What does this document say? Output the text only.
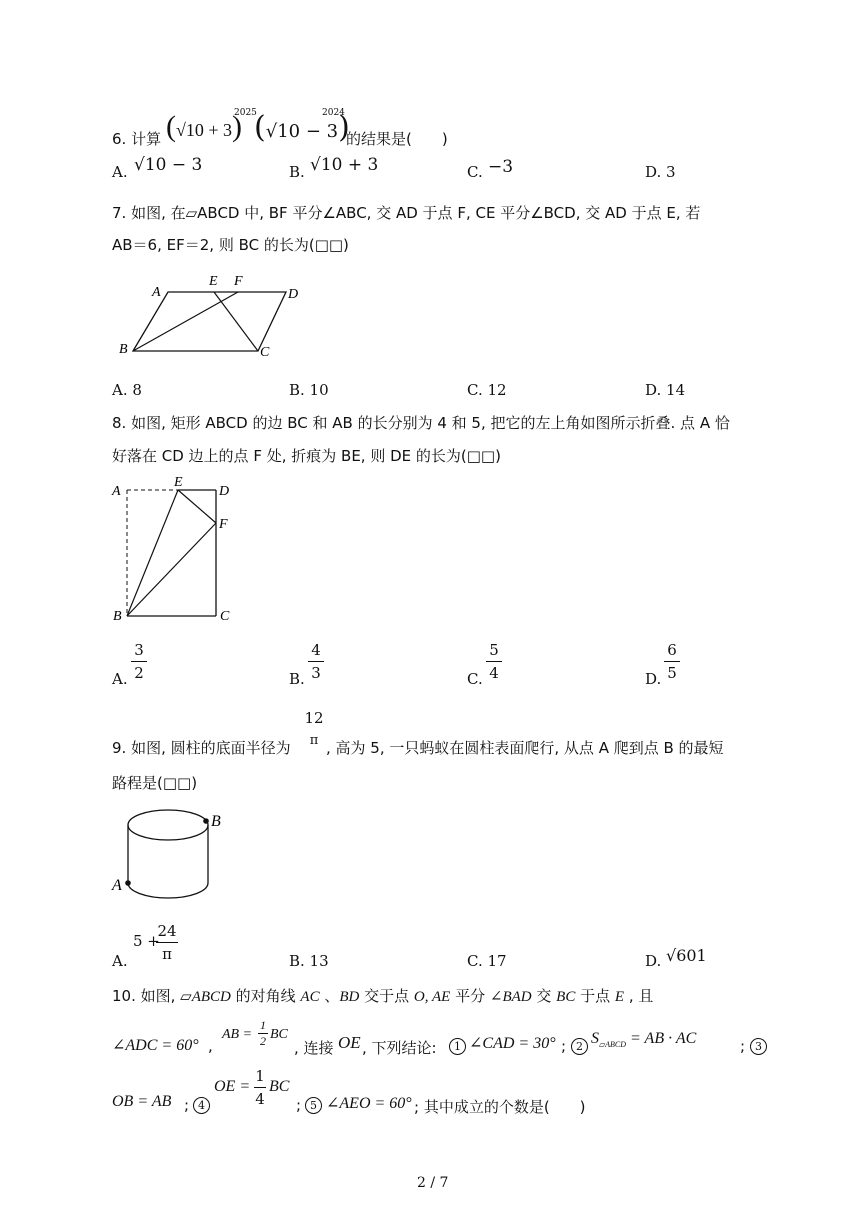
6. 计算 (√10 + 3)
2025
(√10 − 3)
2024
的结果是(　　)
A. √10 − 3	B. √10 + 3	C. −3	D. 3
7. 如图, 在▱ABCD 中, BF 平分∠ABC, 交 AD 于点 F, CE 平分∠BCD, 交 AD 于点 E, 若
AB＝6, EF＝2, 则 BC 的长为(□□)
A
E F
D
B	C
A. 8	B. 10	C. 12	D. 14
8. 如图, 矩形 ABCD 的边 BC 和 AB 的长分别为 4 和 5, 把它的左上角如图所示折叠. 点 A 恰
好落在 CD 边上的点 F 处, 折痕为 BE, 则 DE 的长为(□□)
A
E
D
F
B	C
A.
3
2	B.
4
3	C.
5
4	D.
6
5
9. 如图, 圆柱的底面半径为
12
π , 高为 5, 一只蚂蚁在圆柱表面爬行, 从点 A 爬到点 B 的最短
路程是(□□)
B
A
A.
5 +
24
π	B. 13	C. 17	D. √601
10. 如图, ▱ABCD 的对角线 AC 、BD 交于点 O, AE 平分 ∠BAD 交 BC 于点 E , 且
∠ADC = 60° ,
AB =
1
2 BC
, 连接 OE , 下列结论:	1 ∠CAD = 30° ; 2 $S_{▱ABCD}$ = AB · AC	; 3
OB = AB ; 4
OE =
1
4
BC
; 5 ∠AEO = 60° ; 其中成立的个数是(　　)
2 / 7
